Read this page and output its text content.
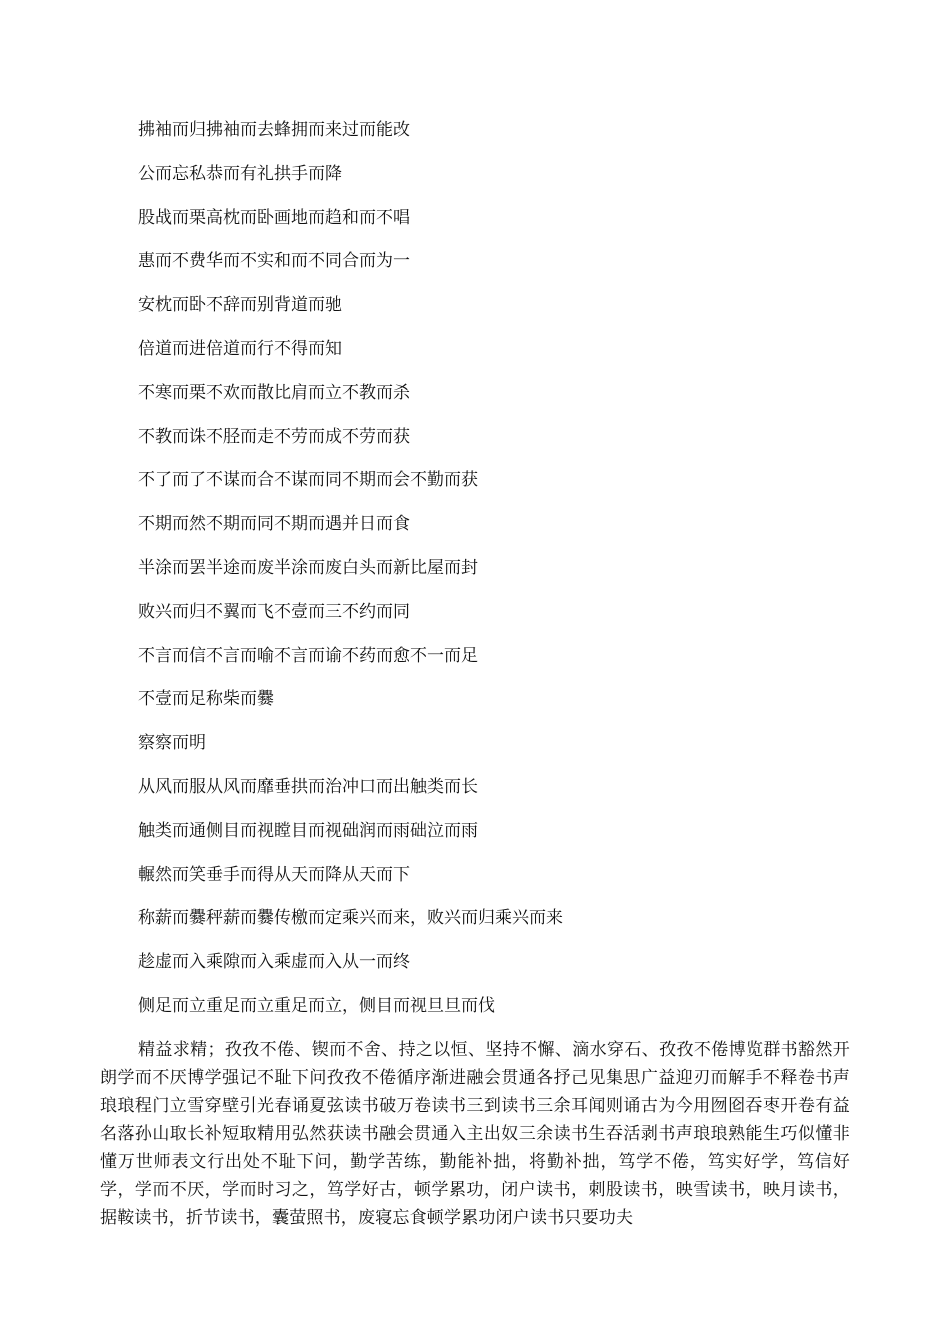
拂袖而归拂袖而去蜂拥而来过而能改
公而忘私恭而有礼拱手而降
股战而栗高枕而卧画地而趋和而不唱
惠而不费华而不实和而不同合而为一
安枕而卧不辞而别背道而驰
倍道而进倍道而行不得而知
不寒而栗不欢而散比肩而立不教而杀
不教而诛不胫而走不劳而成不劳而获
不了而了不谋而合不谋而同不期而会不勤而获
不期而然不期而同不期而遇并日而食
半涂而罢半途而废半涂而废白头而新比屋而封
败兴而归不翼而飞不壹而三不约而同
不言而信不言而喻不言而谕不药而愈不一而足
不壹而足称柴而爨
察察而明
从风而服从风而靡垂拱而治冲口而出触类而长
触类而通侧目而视瞠目而视础润而雨础泣而雨
輾然而笑垂手而得从天而降从天而下
称薪而爨秤薪而爨传檄而定乘兴而来，败兴而归乘兴而来
趁虚而入乘隙而入乘虚而入从一而终
侧足而立重足而立重足而立，侧目而视旦旦而伐

精益求精；孜孜不倦、锲而不舍、持之以恒、坚持不懈、滴水穿石、孜孜不倦博览群书豁然开朗学而不厌博学强记不耻下问孜孜不倦循序渐进融会贯通各抒己见集思广益迎刃而解手不释卷书声琅琅程门立雪穿壁引光春诵夏弦读书破万卷读书三到读书三余耳闻则诵古为今用囫囵吞枣开卷有益名落孙山取长补短取精用弘然获读书融会贯通入主出奴三余读书生吞活剥书声琅琅熟能生巧似懂非懂万世师表文行出处不耻下问，勤学苦练，勤能补拙，将勤补拙，笃学不倦，笃实好学，笃信好学，学而不厌，学而时习之，笃学好古，顿学累功，闭户读书，刺股读书，映雪读书，映月读书，据鞍读书，折节读书，囊萤照书，废寝忘食顿学累功闭户读书只要功夫
